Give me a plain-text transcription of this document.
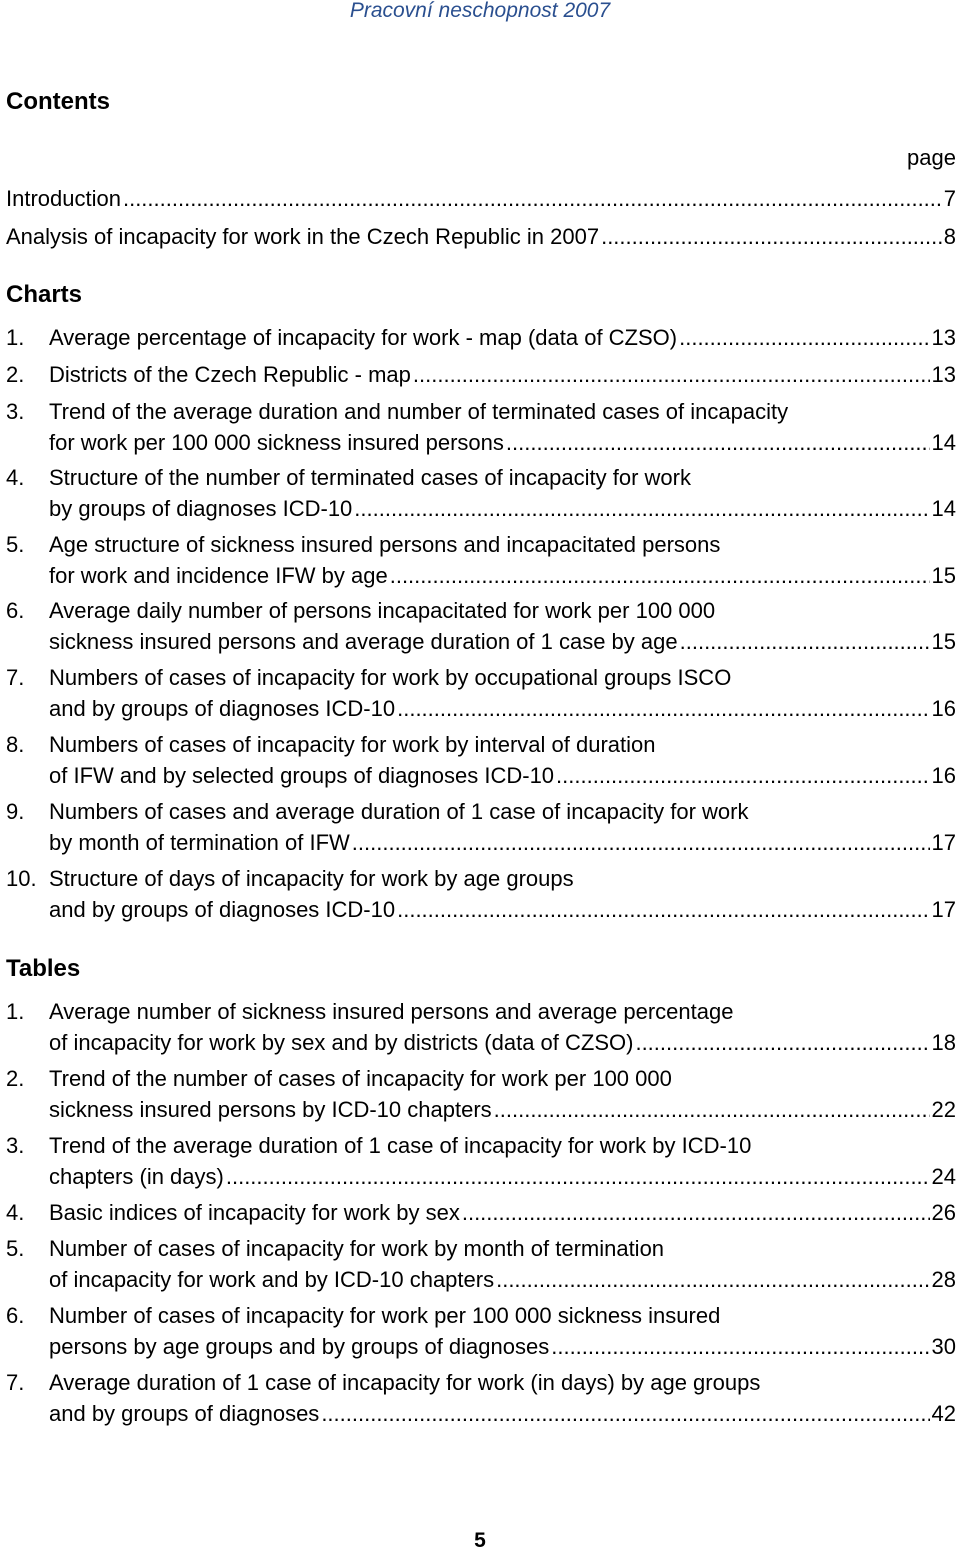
Pracovní neschopnost 2007
Contents
page
Introduction .....	7
Analysis of incapacity for work in the Czech Republic in 2007 .....	8
Charts
1.	Average percentage of incapacity for work - map (data of CZSO) .....	13
2.	Districts of the Czech Republic - map .....	13
3.	Trend of the average duration and number of terminated cases of incapacity
for work per 100 000 sickness insured persons .....	14
4.	Structure of the number of terminated cases of incapacity for work
by groups of diagnoses ICD-10 .....	14
5.	Age structure of sickness insured persons and incapacitated persons
for work and incidence IFW by age .....	15
6.	Average daily number of persons incapacitated for work per 100 000
sickness insured persons and average duration of 1 case by age .....	15
7.	Numbers of cases of incapacity for work by occupational groups ISCO
and by groups of diagnoses ICD-10 .....	16
8.	Numbers of cases of incapacity for work by interval of duration
of IFW and by selected groups of diagnoses ICD-10 .....	16
9.	Numbers of cases and average duration of 1 case of incapacity for work
by month of termination of IFW .....	17
10. Structure of days of incapacity for work by age groups
and by groups of diagnoses ICD-10 .....	17
Tables
1.	Average number of sickness insured persons and average percentage
of incapacity for work by sex and by districts (data of CZSO) .....	18
2.	Trend of the number of cases of incapacity for work per 100 000
sickness insured persons by ICD-10 chapters .....	22
3.	Trend of the average duration of 1 case of incapacity for work by ICD-10
chapters (in days) .....	24
4.	Basic indices of incapacity for work by sex .....	26
5.	Number of cases of incapacity for work by month of termination
of incapacity for work and by ICD-10 chapters .....	28
6.	Number of cases of incapacity for work per 100 000 sickness insured
persons by age groups and by groups of diagnoses .....	30
7.	Average duration of 1 case of incapacity for work (in days) by age groups
and by groups of diagnoses .....	42
5
